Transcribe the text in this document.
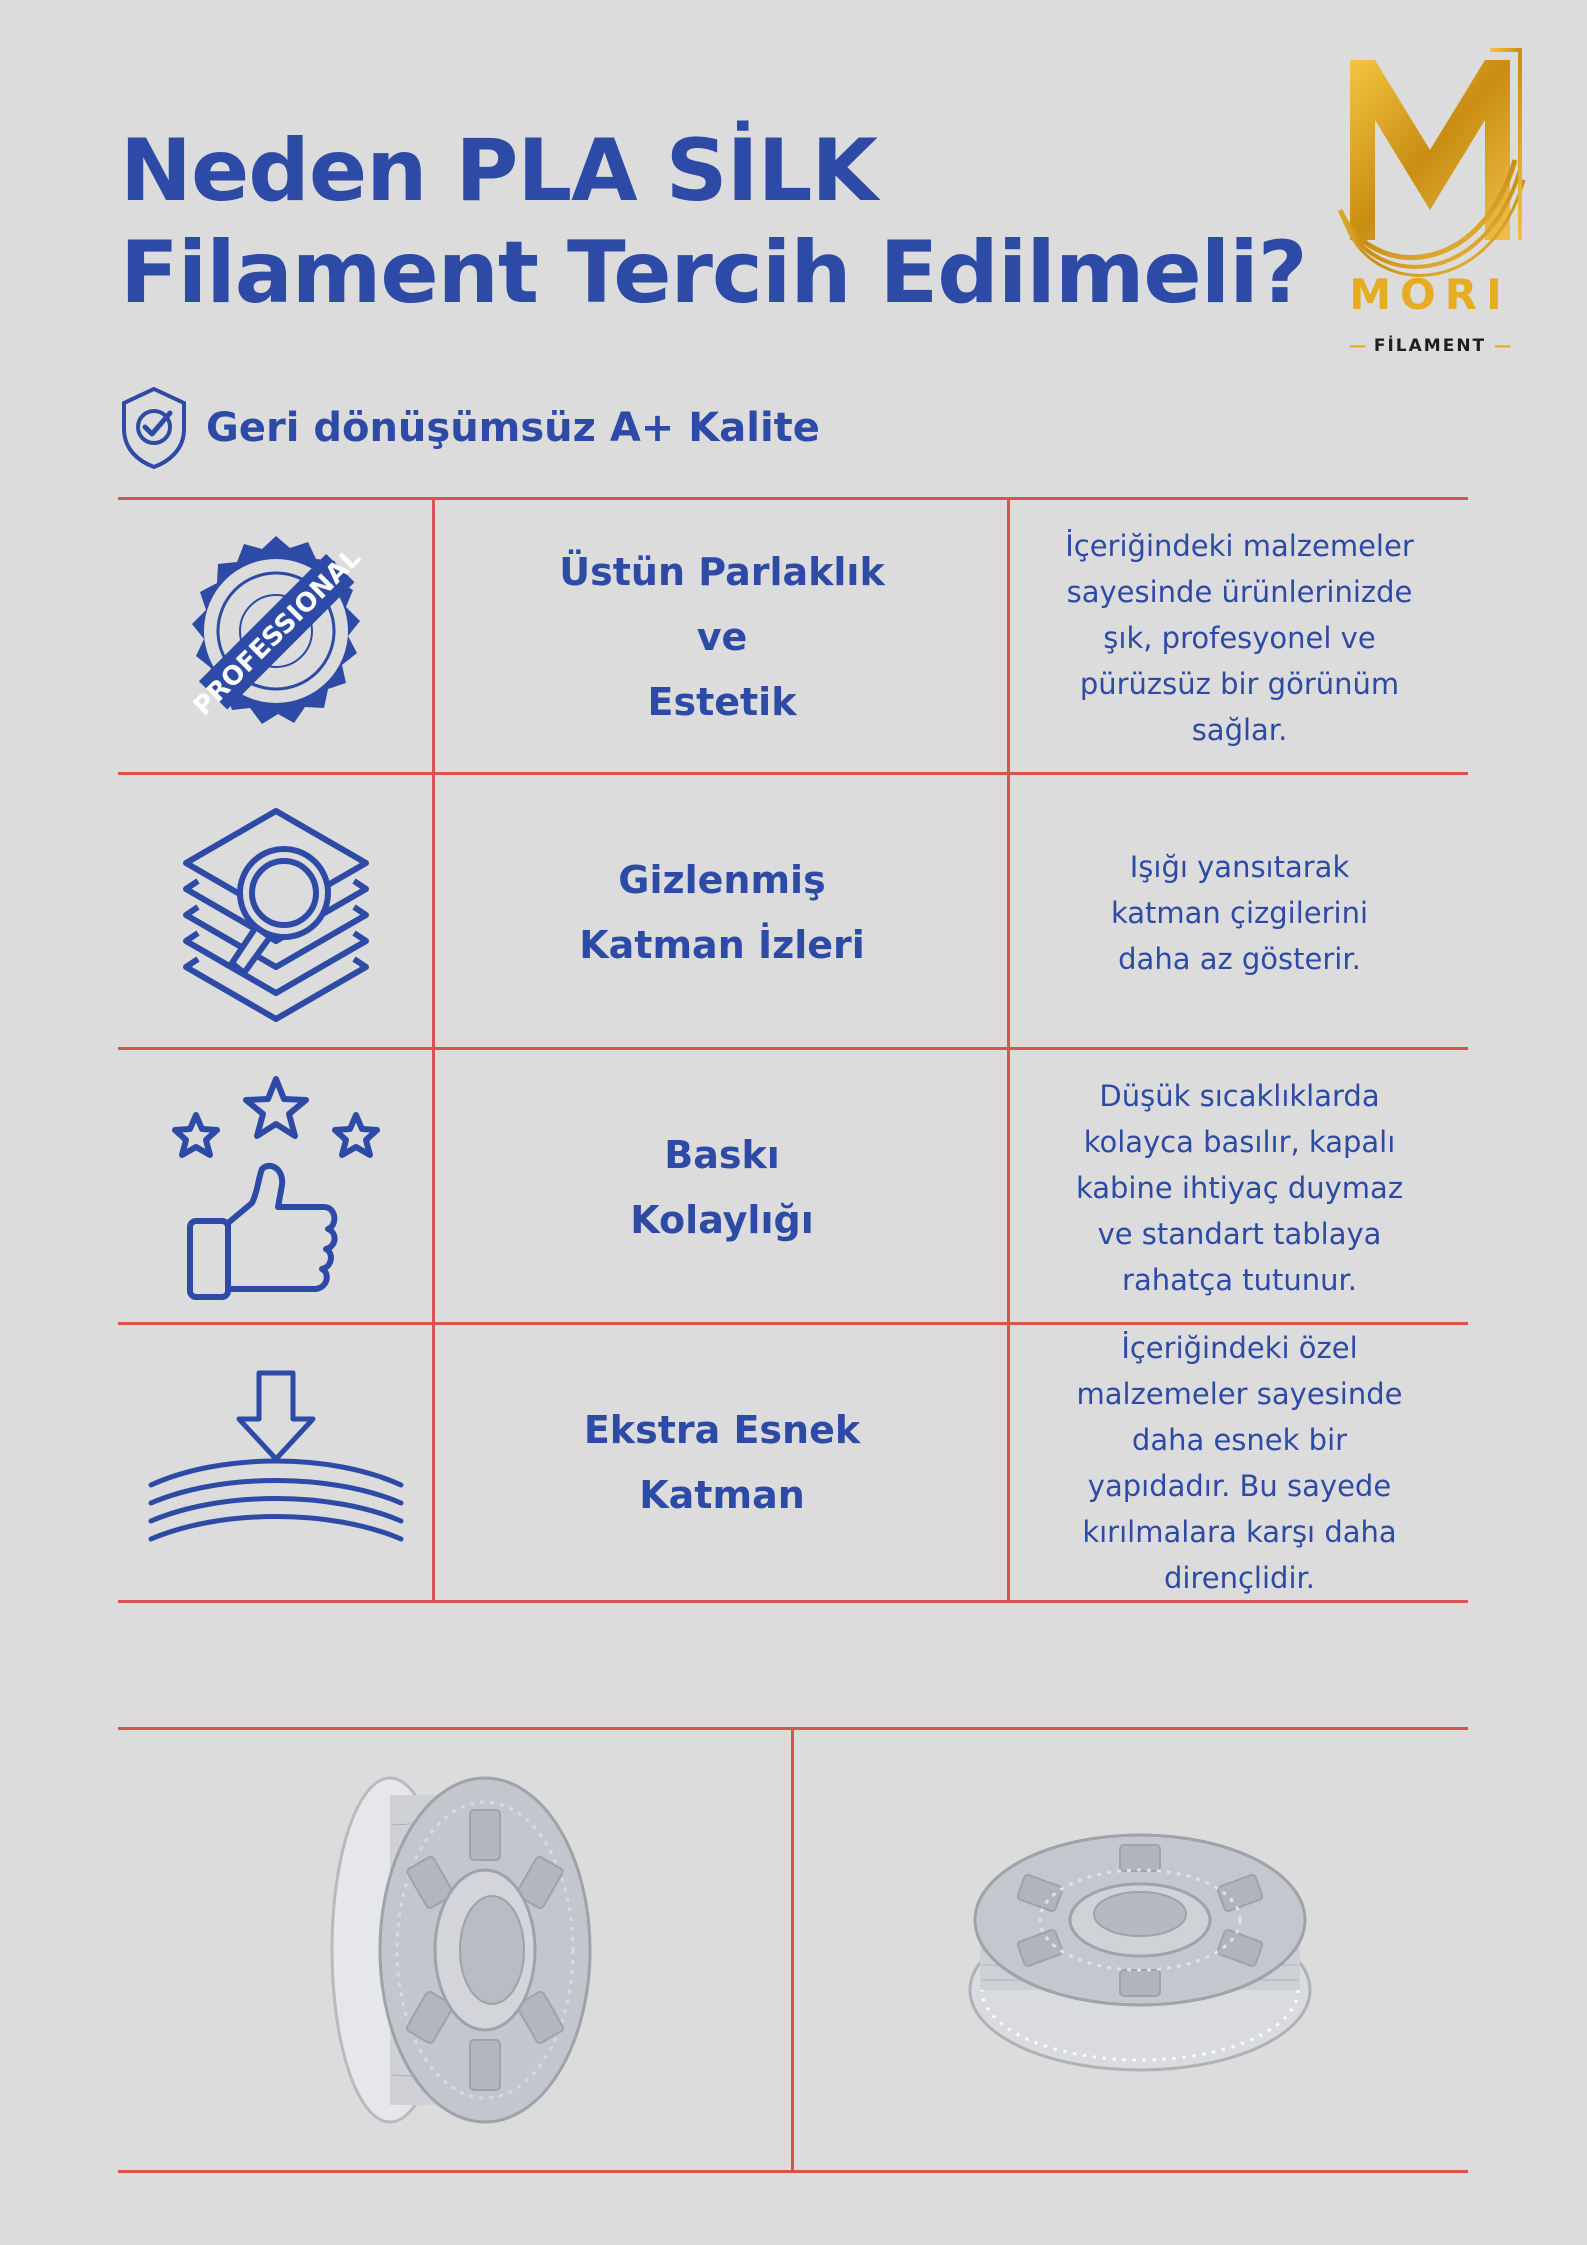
Neden PLA SİLK
Filament Tercih Edilmeli?	MORI
— FİLAMENT —
Geri dönüşümsüz A+ Kalite
PROFESSIONAL	Üstün Parlaklık
ve
Estetik

İçeriğindeki malzemeler
sayesinde ürünlerinizde
şık, profesyonel ve
pürüzsüz bir görünüm
sağlar.

Gizlenmiş
Katman İzleri

Işığı yansıtarak
katman çizgilerini
daha az gösterir.

Baskı
Kolaylığı

Düşük sıcaklıklarda
kolayca basılır, kapalı
kabine ihtiyaç duymaz
ve standart tablaya
rahatça tutunur.

Ekstra Esnek
Katman

İçeriğindeki özel
malzemeler sayesinde
daha esnek bir
yapıdadır. Bu sayede
kırılmalara karşı daha
dirençlidir.
